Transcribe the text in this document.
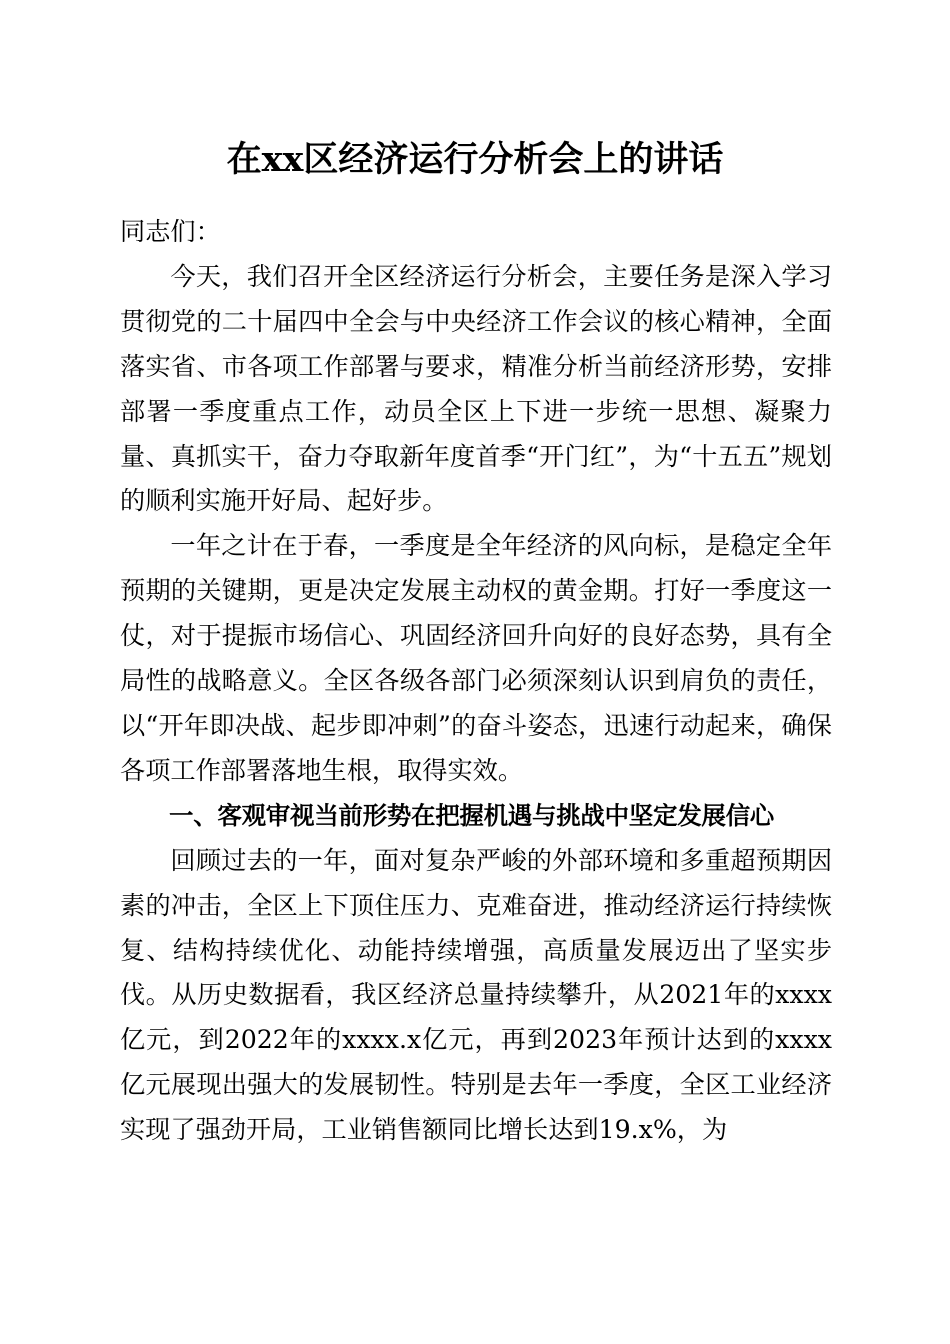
在xx区经济运行分析会上的讲话

同志们：

今天，我们召开全区经济运行分析会，主要任务是深入学习贯彻党的二十届四中全会与中央经济工作会议的核心精神，全面落实省、市各项工作部署与要求，精准分析当前经济形势，安排部署一季度重点工作，动员全区上下进一步统一思想、凝聚力量、真抓实干，奋力夺取新年度首季“开门红”，为“十五五”规划的顺利实施开好局、起好步。

一年之计在于春，一季度是全年经济的风向标，是稳定全年预期的关键期，更是决定发展主动权的黄金期。打好一季度这一仗，对于提振市场信心、巩固经济回升向好的良好态势，具有全局性的战略意义。全区各级各部门必须深刻认识到肩负的责任，以“开年即决战、起步即冲刺”的奋斗姿态，迅速行动起来，确保各项工作部署落地生根，取得实效。

一、客观审视当前形势在把握机遇与挑战中坚定发展信心

回顾过去的一年，面对复杂严峻的外部环境和多重超预期因素的冲击，全区上下顶住压力、克难奋进，推动经济运行持续恢复、结构持续优化、动能持续增强，高质量发展迈出了坚实步伐。从历史数据看，我区经济总量持续攀升，从2021年的xxxx亿元，到2022年的xxxx.x亿元，再到2023年预计达到的xxxx亿元展现出强大的发展韧性。特别是去年一季度，全区工业经济实现了强劲开局，工业销售额同比增长达到19.x%，为
